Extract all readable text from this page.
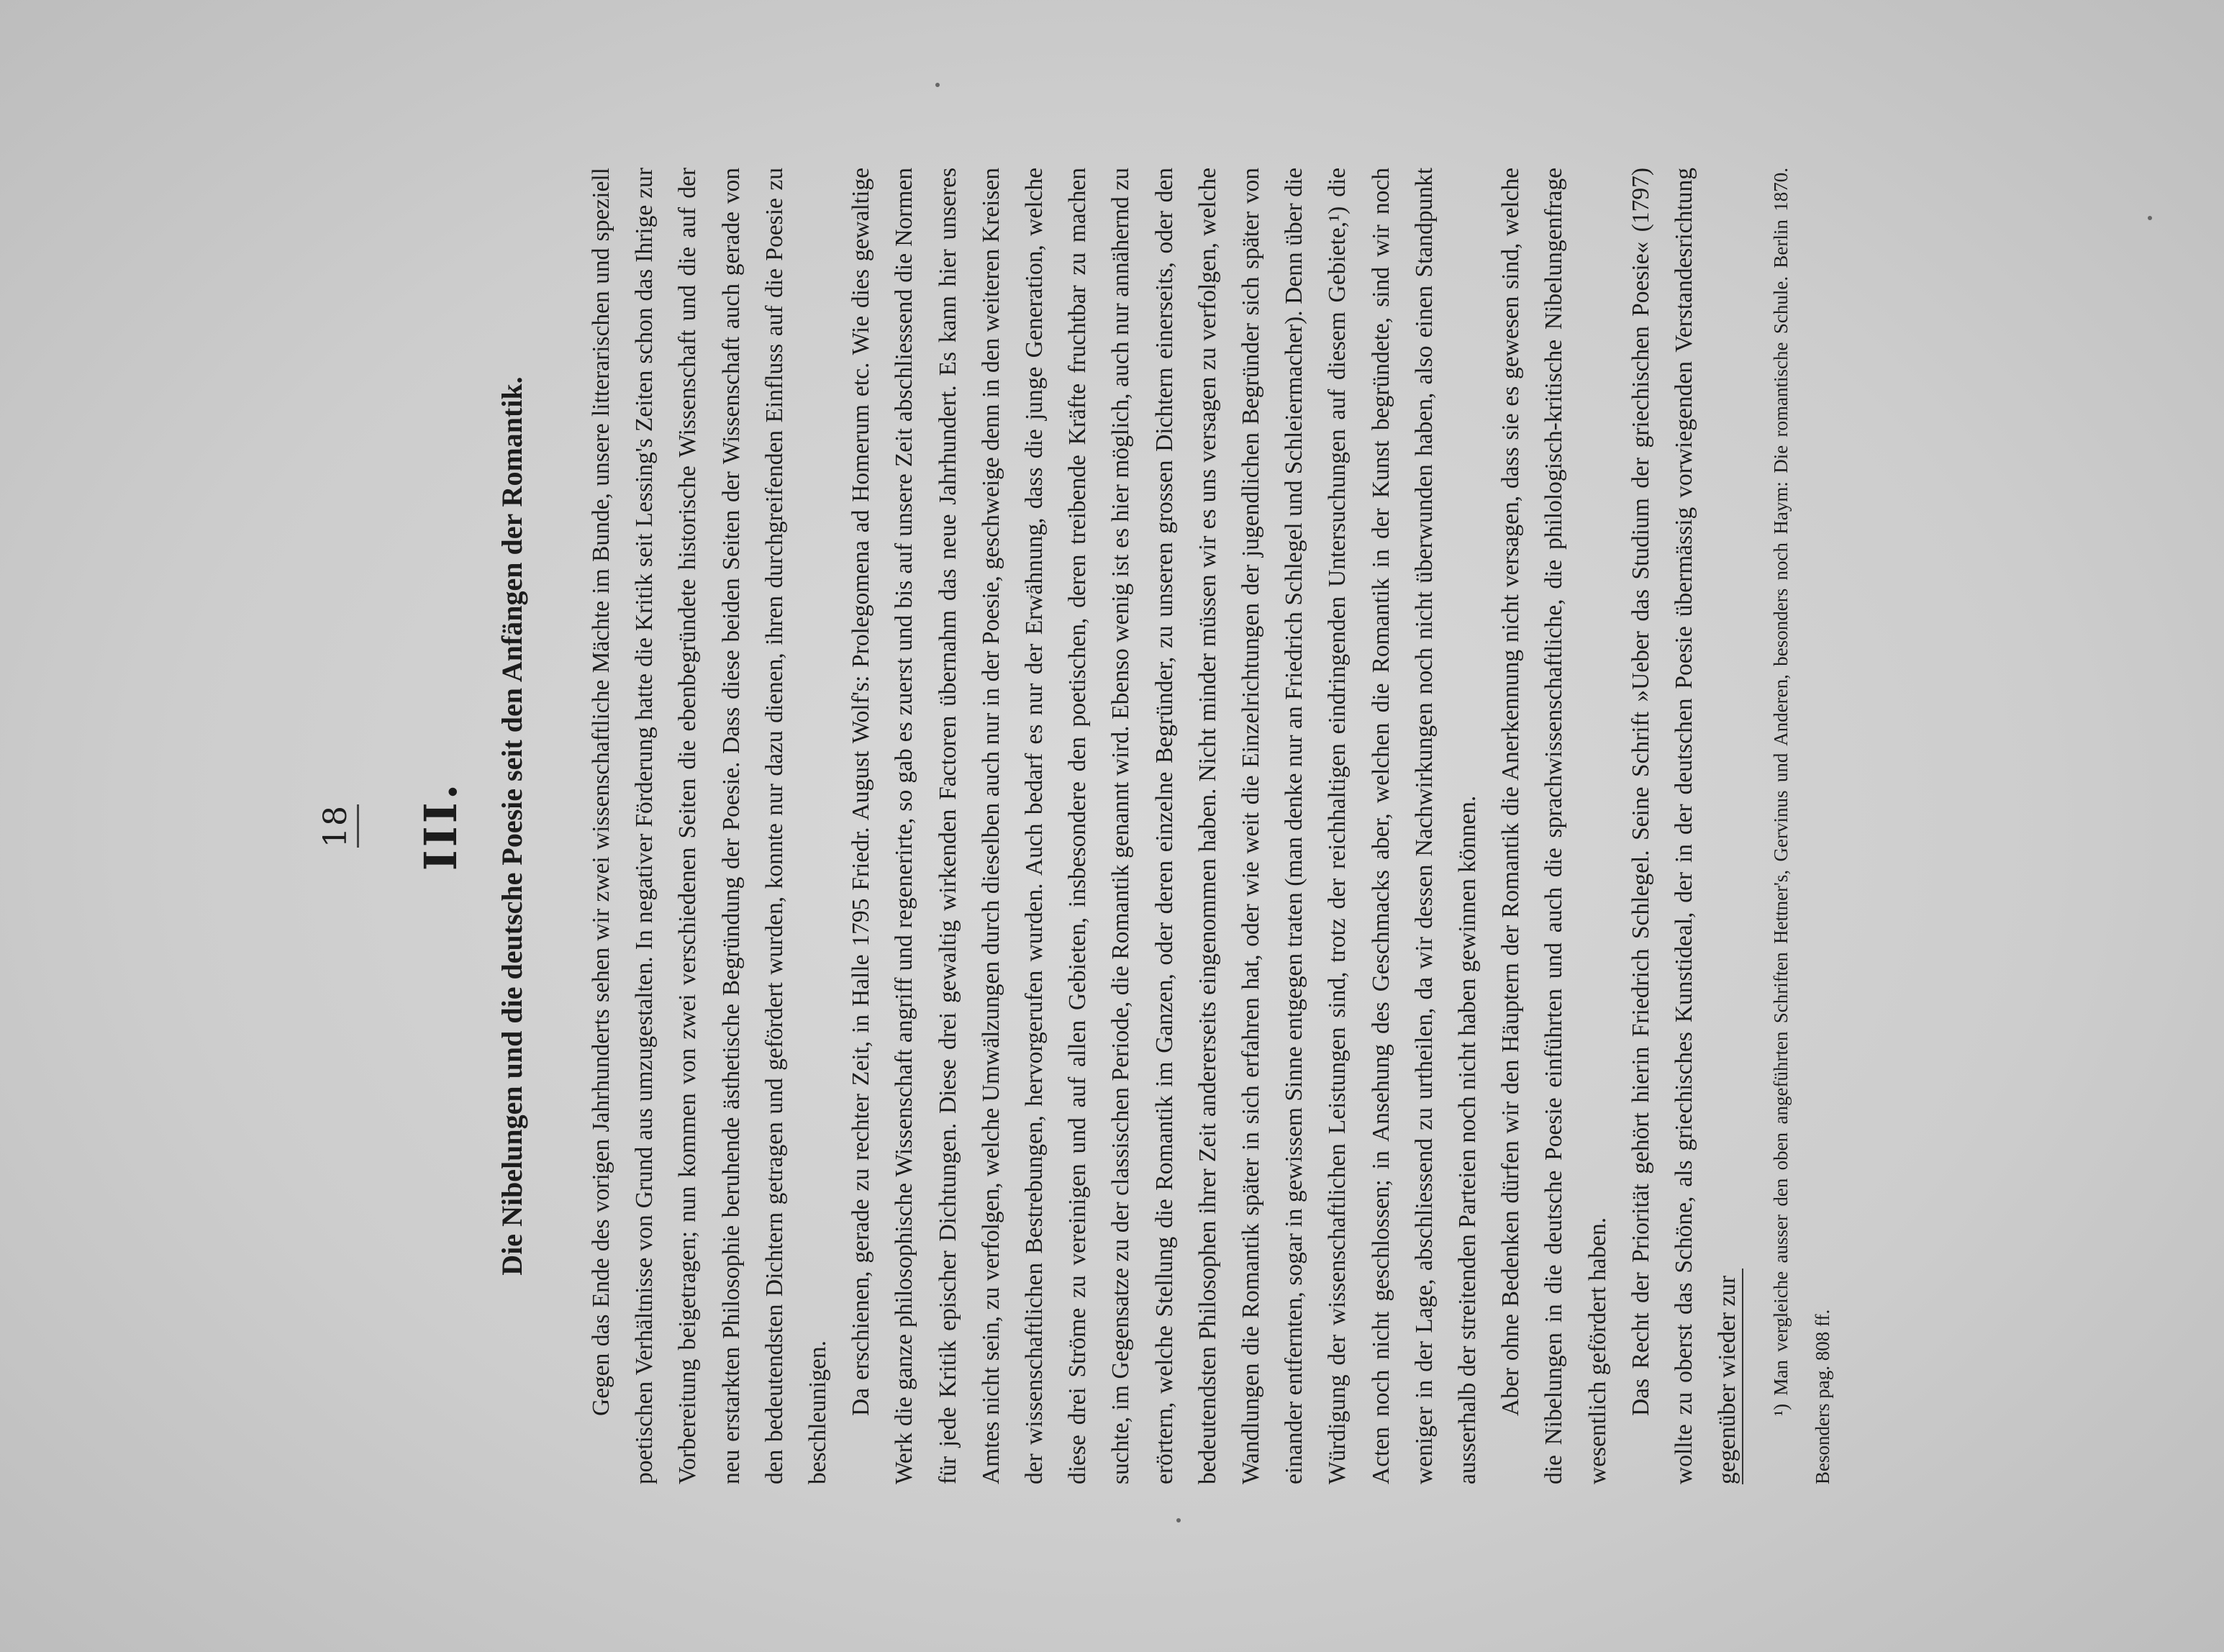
18 III. Die Nibelungen und die deutsche Poesie seit den Anfängen der Romantik.	Gegen das Ende des vorigen Jahrhunderts sehen wir zwei wissenschaftliche Mächte im Bunde, unsere litterarischen und speziell poetischen Verhältnisse von Grund aus umzugestalten. In negativer Förderung hatte die Kritik seit Lessing's Zeiten schon das Ihrige zur Vorbereitung beigetragen; nun kommen von zwei verschiedenen Seiten die ebenbegründete historische Wissenschaft und die auf der neu erstarkten Philosophie beruhende ästhetische Begründung der Poesie. Dass diese beiden Seiten der Wissenschaft auch gerade von den bedeutendsten Dichtern getragen und gefördert wurden, konnte nur dazu dienen, ihren durchgreifenden Einfluss auf die Poesie zu beschleunigen. Da erschienen, gerade zu rechter Zeit, in Halle 1795 Friedr. August Wolf's: Prolegomena ad Homerum etc. Wie dies gewaltige Werk die ganze philosophische Wissenschaft angriff und regenerirte, so gab es zuerst und bis auf unsere Zeit abschliessend die Normen für jede Kritik epischer Dichtungen. Diese drei gewaltig wirkenden Factoren übernahm das neue Jahrhundert. Es kann hier unseres Amtes nicht sein, zu verfolgen, welche Umwälzungen durch dieselben auch nur in der Poesie, geschweige denn in den weiteren Kreisen der wissenschaftlichen Bestrebungen, hervorgerufen wurden. Auch bedarf es nur der Erwähnung, dass die junge Generation, welche diese drei Ströme zu vereinigen und auf allen Gebieten, insbesondere den poetischen, deren treibende Kräfte fruchtbar zu machen suchte, im Gegensatze zu der classischen Periode, die Romantik genannt wird. Ebenso wenig ist es hier möglich, auch nur annähernd zu erörtern, welche Stellung die Romantik im Ganzen, oder deren einzelne Begründer, zu unseren grossen Dichtern einerseits, oder den bedeutendsten Philosophen ihrer Zeit andererseits eingenommen haben. Nicht minder müssen wir es uns versagen zu verfolgen, welche Wandlungen die Romantik später in sich erfahren hat, oder wie weit die Einzelrichtungen der jugendlichen Begründer sich später von einander entfernten, sogar in gewissem Sinne entgegen traten (man denke nur an Friedrich Schlegel und Schleiermacher). Denn über die Würdigung der wissenschaftlichen Leistungen sind, trotz der reichhaltigen eindringenden Untersuchungen auf diesem Gebiete,¹) die Acten noch nicht geschlossen; in Ansehung des Geschmacks aber, welchen die Romantik in der Kunst begründete, sind wir noch weniger in der Lage, abschliessend zu urtheilen, da wir dessen Nachwirkungen noch nicht überwunden haben, also einen Standpunkt ausserhalb der streitenden Parteien noch nicht haben gewinnen können. Aber ohne Bedenken dürfen wir den Häuptern der Romantik die Anerkennung nicht versagen, dass sie es gewesen sind, welche die Nibelungen in die deutsche Poesie einführten und auch die sprachwissenschaftliche, die philologisch-kritische Nibelungenfrage wesentlich gefördert haben. Das Recht der Priorität gehört hierin Friedrich Schlegel. Seine Schrift »Ueber das Studium der griechischen Poesie« (1797) wollte zu oberst das Schöne, als griechisches Kunstideal, der in der deutschen Poesie übermässig vorwiegenden Verstandesrichtung gegenüber wieder zur	¹) Man vergleiche ausser den oben angeführten Schriften Hettner's, Gervinus und Anderen, besonders noch Haym: Die romantische Schule. Berlin 1870. Besonders pag. 808 ff.
